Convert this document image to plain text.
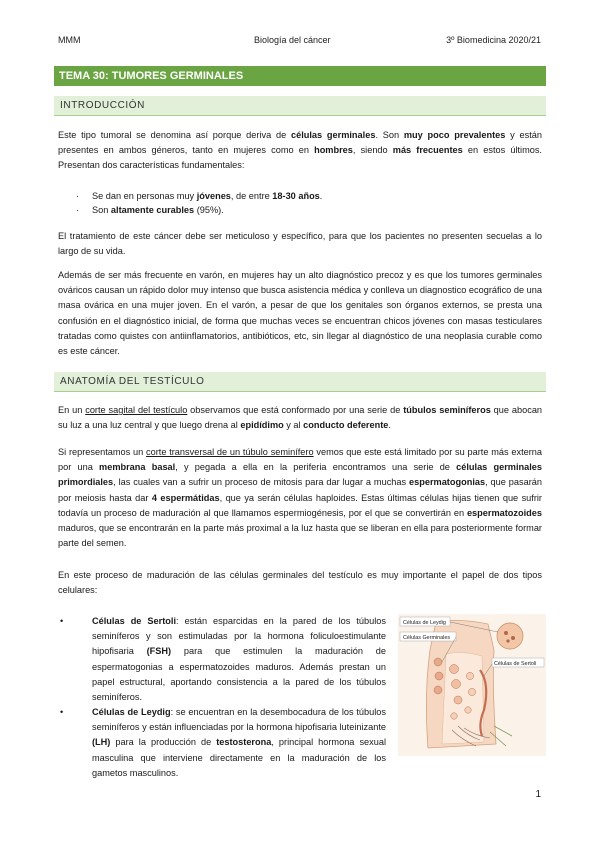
MMM	Biología del cáncer	3º Biomedicina 2020/21
TEMA 30: TUMORES GERMINALES
INTRODUCCIÓN
Este tipo tumoral se denomina así porque deriva de células germinales. Son muy poco prevalentes y están presentes en ambos géneros, tanto en mujeres como en hombres, siendo más frecuentes en estos últimos. Presentan dos características fundamentales:
· Se dan en personas muy jóvenes, de entre 18-30 años.
· Son altamente curables (95%).
El tratamiento de este cáncer debe ser meticuloso y específico, para que los pacientes no presenten secuelas a lo largo de su vida.
Además de ser más frecuente en varón, en mujeres hay un alto diagnóstico precoz y es que los tumores germinales ováricos causan un rápido dolor muy intenso que busca asistencia médica y conlleva un diagnostico ecográfico de una masa ovárica en una mujer joven. En el varón, a pesar de que los genitales son órganos externos, se presta una confusión en el diagnóstico inicial, de forma que muchas veces se encuentran chicos jóvenes con masas testiculares tratadas como quistes con antiinflamatorios, antibióticos, etc, sin llegar al diagnóstico de una neoplasia curable como es este cáncer.
ANATOMÍA DEL TESTÍCULO
En un corte sagital del testículo observamos que está conformado por una serie de túbulos seminíferos que abocan su luz a una luz central y que luego drena al epidídimo y al conducto deferente.
Si representamos un corte transversal de un túbulo seminífero vemos que este está limitado por su parte más externa por una membrana basal, y pegada a ella en la periferia encontramos una serie de células germinales primordiales, las cuales van a sufrir un proceso de mitosis para dar lugar a muchas espermatogonias, que pasarán por meiosis hasta dar 4 espermátidas, que ya serán células haploides. Estas últimas células hijas tienen que sufrir todavía un proceso de maduración al que llamamos espermiogénesis, por el que se convertirán en espermatozoides maduros, que se encontrarán en la parte más proximal a la luz hasta que se liberan en ella para posteriormente formar parte del semen.
En este proceso de maduración de las células germinales del testículo es muy importante el papel de dos tipos celulares:
•	Células de Sertoli: están esparcidas en la pared de los túbulos seminíferos y son estimuladas por la hormona foliculoestimulante hipofisaria (FSH) para que estimulen la maduración de espermatogonias a espermatozoides maduros. Además prestan un papel estructural, aportando consistencia a la pared de los túbulos seminíferos.
•	Células de Leydig: se encuentran en la desembocadura de los túbulos seminíferos y están influenciadas por la hormona hipofisaria luteinizante (LH) para la producción de testosterona, principal hormona sexual masculina que interviene directamente en la maduración de los gametos masculinos.
Células de Leydig
Células Germinales
Células de Sertoli
1
